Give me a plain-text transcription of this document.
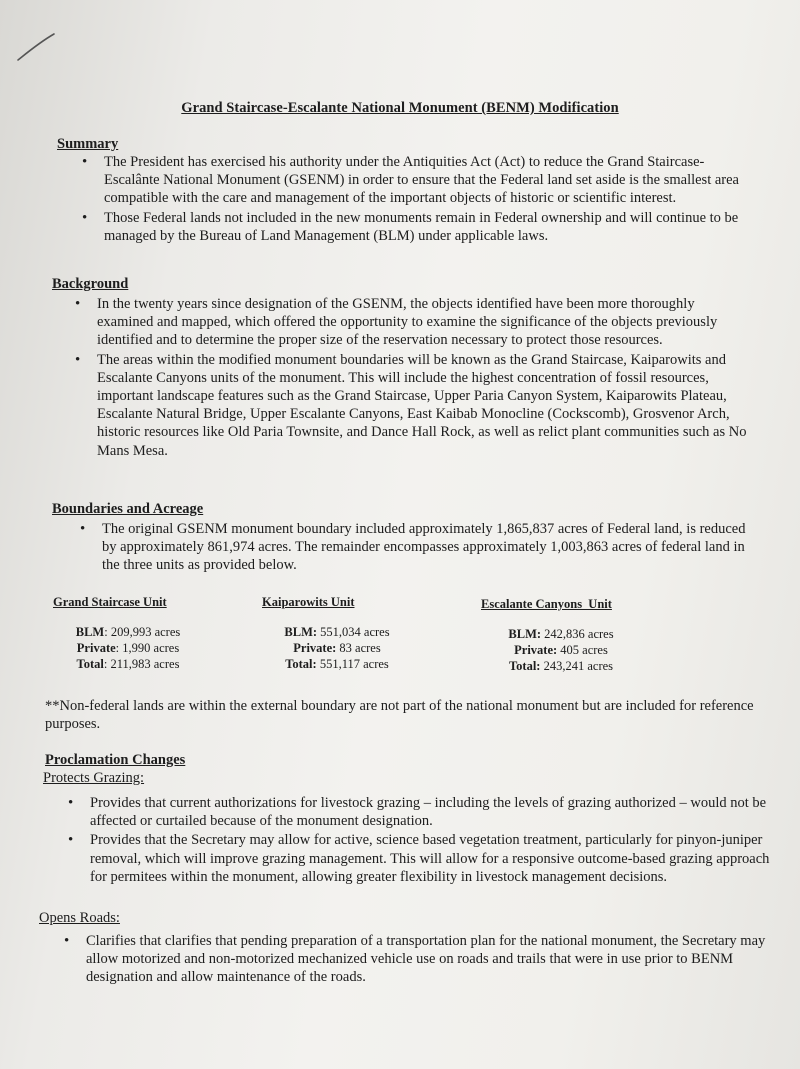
Grand Staircase-Escalante National Monument (BENM) Modification
Summary
• The President has exercised his authority under the Antiquities Act (Act) to reduce the Grand Staircase-Escalânte National Monument (GSENM) in order to ensure that the Federal land set aside is the smallest area compatible with the care and management of the important objects of historic or scientific interest.
• Those Federal lands not included in the new monuments remain in Federal ownership and will continue to be managed by the Bureau of Land Management (BLM) under applicable laws.
Background
• In the twenty years since designation of the GSENM, the objects identified have been more thoroughly examined and mapped, which offered the opportunity to examine the significance of the objects previously identified and to determine the proper size of the reservation necessary to protect those resources.
• The areas within the modified monument boundaries will be known as the Grand Staircase, Kaiparowits and Escalante Canyons units of the monument. This will include the highest concentration of fossil resources, important landscape features such as the Grand Staircase, Upper Paria Canyon System, Kaiparowits Plateau, Escalante Natural Bridge, Upper Escalante Canyons, East Kaibab Monocline (Cockscomb), Grosvenor Arch, historic resources like Old Paria Townsite, and Dance Hall Rock, as well as relict plant communities such as No Mans Mesa.
Boundaries and Acreage
• The original GSENM monument boundary included approximately 1,865,837 acres of Federal land, is reduced by approximately 861,974 acres. The remainder encompasses approximately 1,003,863 acres of federal land in the three units as provided below.
Grand Staircase Unit
BLM: 209,993 acres
Private: 1,990 acres
Total: 211,983 acres
Kaiparowits Unit
BLM: 551,034 acres
Private: 83 acres
Total: 551,117 acres
Escalante Canyons  Unit
BLM: 242,836 acres
Private: 405 acres
Total: 243,241 acres
**Non-federal lands are within the external boundary are not part of the national monument but are included for reference purposes.
Proclamation Changes
Protects Grazing:
• Provides that current authorizations for livestock grazing – including the levels of grazing authorized – would not be affected or curtailed because of the monument designation.
• Provides that the Secretary may allow for active, science based vegetation treatment, particularly for pinyon-juniper removal, which will improve grazing management. This will allow for a responsive outcome-based grazing approach for permitees within the monument, allowing greater flexibility in livestock management decisions.
Opens Roads:
• Clarifies that clarifies that pending preparation of a transportation plan for the national monument, the Secretary may allow motorized and non-motorized mechanized vehicle use on roads and trails that were in use prior to BENM designation and allow maintenance of the roads.
